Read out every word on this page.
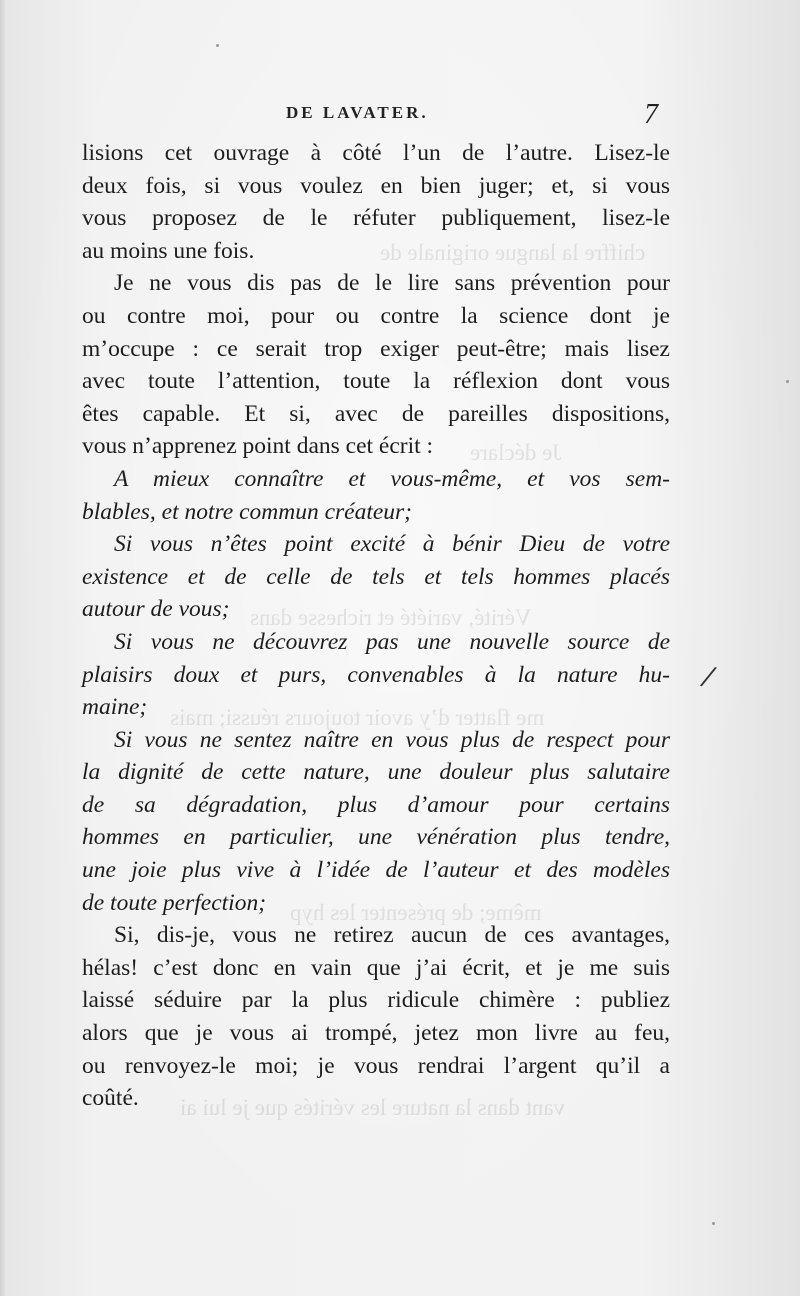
chiffre la langue originale de
Je déclare
Vérité, variété et richesse dans
me flatter d’y avoir toujours réussi; mais
même; de présenter les hyp
vant dans la nature les vérités que je lui ai
DE LAVATER.	7
lisions cet ouvrage à côté l’un de l’autre. Lisez-le
deux fois, si vous voulez en bien juger; et, si vous
vous proposez de le réfuter publiquement, lisez-le
au moins une fois.
Je ne vous dis pas de le lire sans prévention pour
ou contre moi, pour ou contre la science dont je
m’occupe : ce serait trop exiger peut-être; mais lisez
avec toute l’attention, toute la réflexion dont vous
êtes capable. Et si, avec de pareilles dispositions,
vous n’apprenez point dans cet écrit :
A mieux connaître et vous-même, et vos sem-
blables, et notre commun créateur;
Si vous n’êtes point excité à bénir Dieu de votre
existence et de celle de tels et tels hommes placés
autour de vous;
Si vous ne découvrez pas une nouvelle source de
plaisirs doux et purs, convenables à la nature hu-
maine;
Si vous ne sentez naître en vous plus de respect pour
la dignité de cette nature, une douleur plus salutaire
de sa dégradation, plus d’amour pour certains
hommes en particulier, une vénération plus tendre,
une joie plus vive à l’idée de l’auteur et des modèles
de toute perfection;
Si, dis-je, vous ne retirez aucun de ces avantages,
hélas! c’est donc en vain que j’ai écrit, et je me suis
laissé séduire par la plus ridicule chimère : publiez
alors que je vous ai trompé, jetez mon livre au feu,
ou renvoyez-le moi; je vous rendrai l’argent qu’il a
coûté.
/
